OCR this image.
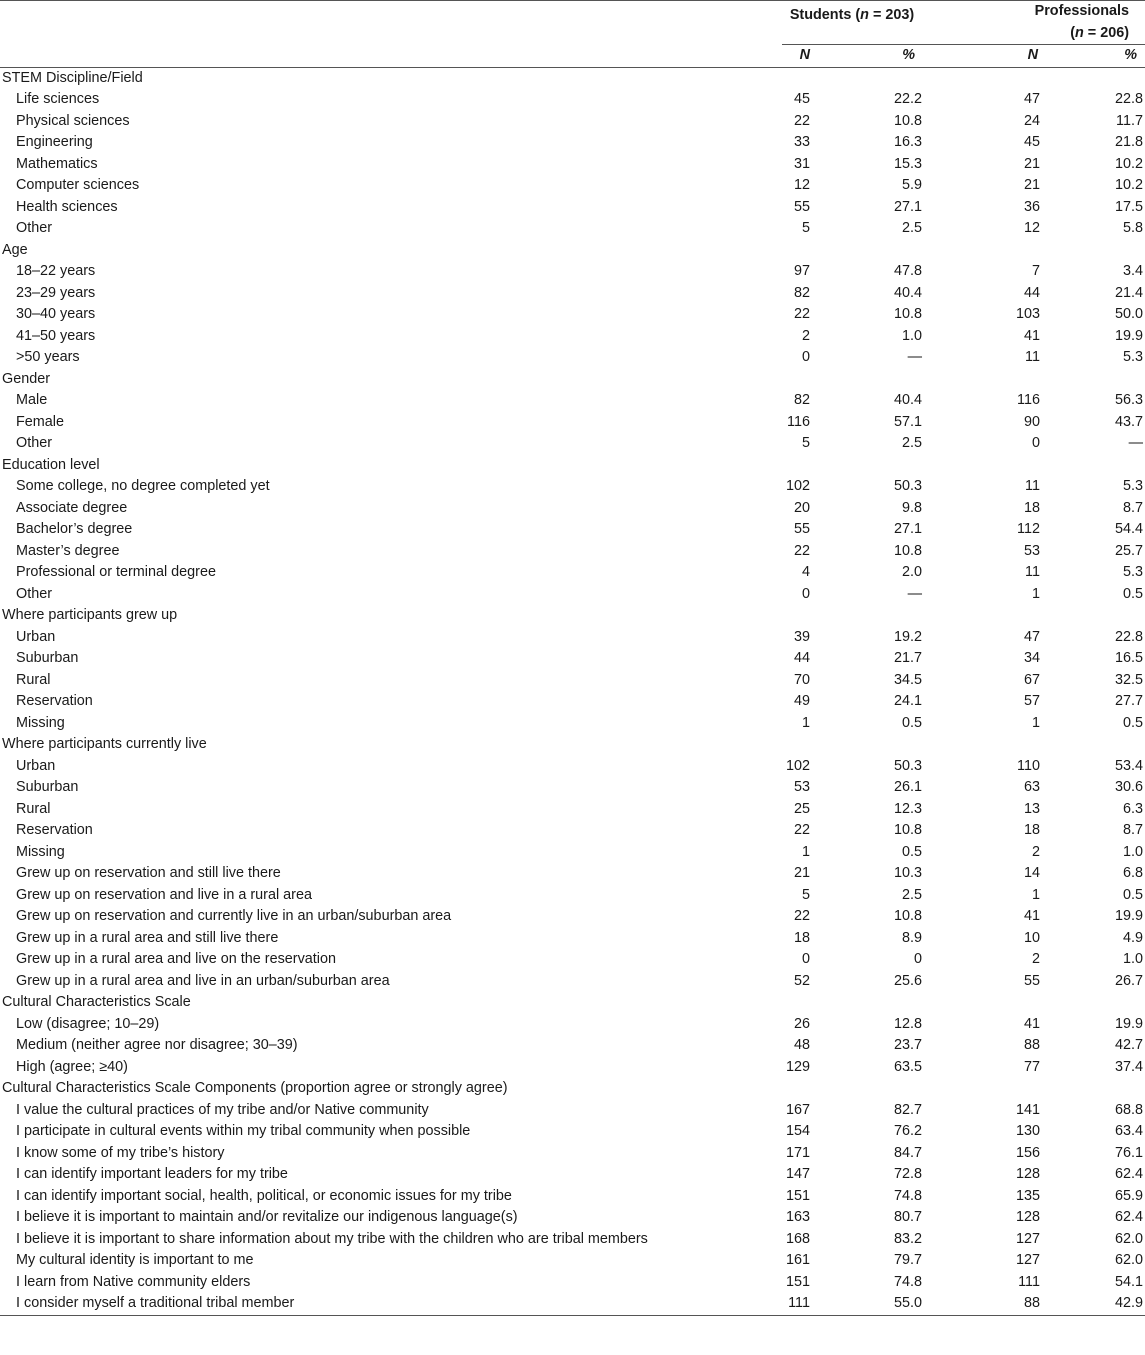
	Students (n = 203)		Professionals
(n = 206)	
	N	%	N	%
STEM Discipline/Field				
Life sciences	45	22.2	47	22.8
Physical sciences	22	10.8	24	11.7
Engineering	33	16.3	45	21.8
Mathematics	31	15.3	21	10.2
Computer sciences	12	5.9	21	10.2
Health sciences	55	27.1	36	17.5
Other	5	2.5	12	5.8
Age				
18–22 years	97	47.8	7	3.4
23–29 years	82	40.4	44	21.4
30–40 years	22	10.8	103	50.0
41–50 years	2	1.0	41	19.9
>50 years	0	—	11	5.3
Gender				
Male	82	40.4	116	56.3
Female	116	57.1	90	43.7
Other	5	2.5	0	—
Education level				
Some college, no degree completed yet	102	50.3	11	5.3
Associate degree	20	9.8	18	8.7
Bachelor’s degree	55	27.1	112	54.4
Master’s degree	22	10.8	53	25.7
Professional or terminal degree	4	2.0	11	5.3
Other	0	—	1	0.5
Where participants grew up				
Urban	39	19.2	47	22.8
Suburban	44	21.7	34	16.5
Rural	70	34.5	67	32.5
Reservation	49	24.1	57	27.7
Missing	1	0.5	1	0.5
Where participants currently live				
Urban	102	50.3	110	53.4
Suburban	53	26.1	63	30.6
Rural	25	12.3	13	6.3
Reservation	22	10.8	18	8.7
Missing	1	0.5	2	1.0
Grew up on reservation and still live there	21	10.3	14	6.8
Grew up on reservation and live in a rural area	5	2.5	1	0.5
Grew up on reservation and currently live in an urban/suburban area	22	10.8	41	19.9
Grew up in a rural area and still live there	18	8.9	10	4.9
Grew up in a rural area and live on the reservation	0	0	2	1.0
Grew up in a rural area and live in an urban/suburban area	52	25.6	55	26.7
Cultural Characteristics Scale				
Low (disagree; 10–29)	26	12.8	41	19.9
Medium (neither agree nor disagree; 30–39)	48	23.7	88	42.7
High (agree; ≥40)	129	63.5	77	37.4
Cultural Characteristics Scale Components (proportion agree or strongly agree)				
I value the cultural practices of my tribe and/or Native community	167	82.7	141	68.8
I participate in cultural events within my tribal community when possible	154	76.2	130	63.4
I know some of my tribe’s history	171	84.7	156	76.1
I can identify important leaders for my tribe	147	72.8	128	62.4
I can identify important social, health, political, or economic issues for my tribe	151	74.8	135	65.9
I believe it is important to maintain and/or revitalize our indigenous language(s)	163	80.7	128	62.4
I believe it is important to share information about my tribe with the children who are tribal members	168	83.2	127	62.0
My cultural identity is important to me	161	79.7	127	62.0
I learn from Native community elders	151	74.8	111	54.1
I consider myself a traditional tribal member	111	55.0	88	42.9
